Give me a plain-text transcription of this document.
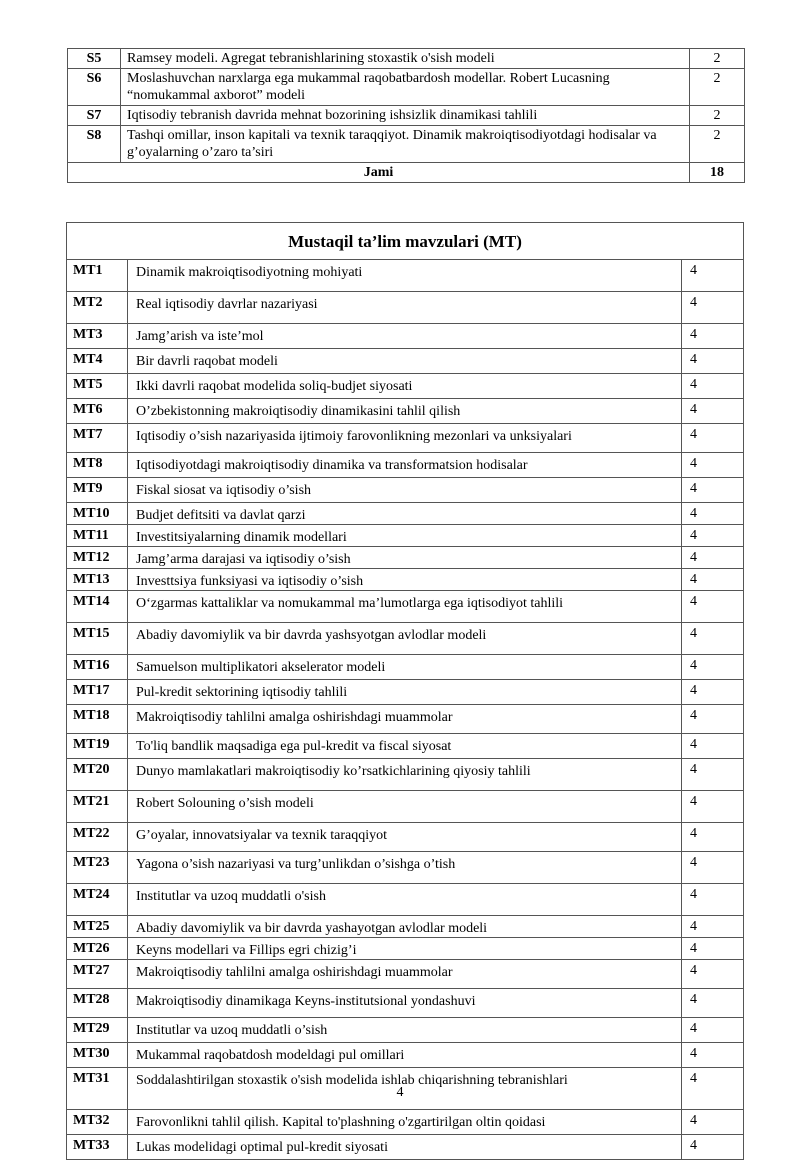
S5	Ramsey modeli. Agregat tebranishlarining stoxastik o'sish modeli	2
S6	Moslashuvchan narxlarga ega mukammal raqobatbardosh modellar. Robert Lucasning “nomukammal axborot” modeli	2
S7	Iqtisodiy tebranish davrida mehnat bozorining ishsizlik dinamikasi tahlili	2
S8	Tashqi omillar, inson kapitali va texnik taraqqiyot. Dinamik makroiqtisodiyotdagi hodisalar va g’oyalarning o’zaro ta’siri	2
Jami		18
Mustaqil ta’lim mavzulari (MT)		
MT1	Dinamik makroiqtisodiyotning mohiyati	4
MT2	Real iqtisodiy davrlar nazariyasi	4
MT3	Jamg’arish va iste’mol	4
MT4	Bir davrli raqobat modeli	4
MT5	Ikki davrli raqobat modelida soliq-budjet siyosati	4
MT6	O’zbekistonning makroiqtisodiy dinamikasini tahlil qilish	4
MT7	Iqtisodiy o’sish nazariyasida ijtimoiy farovonlikning mezonlari va unksiyalari	4
MT8	Iqtisodiyotdagi makroiqtisodiy dinamika va transformatsion hodisalar	4
MT9	Fiskal siosat va iqtisodiy o’sish	4
MT10	Budjet defitsiti va davlat qarzi	4
MT11	Investitsiyalarning dinamik modellari	4
MT12	Jamg’arma darajasi va iqtisodiy o’sish	4
MT13	Investtsiya funksiyasi va iqtisodiy o’sish	4
MT14	O‘zgarmas kattaliklar va nomukammal ma’lumotlarga ega iqtisodiyot tahlili	4
MT15	Abadiy davomiylik va bir davrda yashsyotgan avlodlar modeli	4
MT16	Samuelson multiplikatori akselerator modeli	4
MT17	Pul-kredit sektorining iqtisodiy tahlili	4
MT18	Makroiqtisodiy tahlilni amalga oshirishdagi muammolar	4
MT19	To'liq bandlik maqsadiga ega pul-kredit va fiscal siyosat	4
MT20	Dunyo mamlakatlari makroiqtisodiy ko’rsatkichlarining qiyosiy tahlili	4
MT21	Robert Solouning o’sish modeli	4
MT22	G’oyalar, innovatsiyalar va texnik taraqqiyot	4
MT23	Yagona o’sish nazariyasi va turg’unlikdan o’sishga o’tish	4
MT24	Institutlar va uzoq muddatli o'sish	4
MT25	Abadiy davomiylik va bir davrda yashayotgan avlodlar modeli	4
MT26	Keyns modellari va Fillips egri chizig’i	4
MT27	Makroiqtisodiy tahlilni amalga oshirishdagi muammolar	4
MT28	Makroiqtisodiy dinamikaga Keyns-institutsional yondashuvi	4
MT29	Institutlar va uzoq muddatli o’sish	4
MT30	Mukammal raqobatdosh modeldagi pul omillari	4
MT31	Soddalashtirilgan stoxastik o'sish modelida ishlab chiqarishning tebranishlari	4
MT32	Farovonlikni tahlil qilish. Kapital to'plashning o'zgartirilgan oltin qoidasi	4
MT33	Lukas modelidagi optimal pul-kredit siyosati	4
4
